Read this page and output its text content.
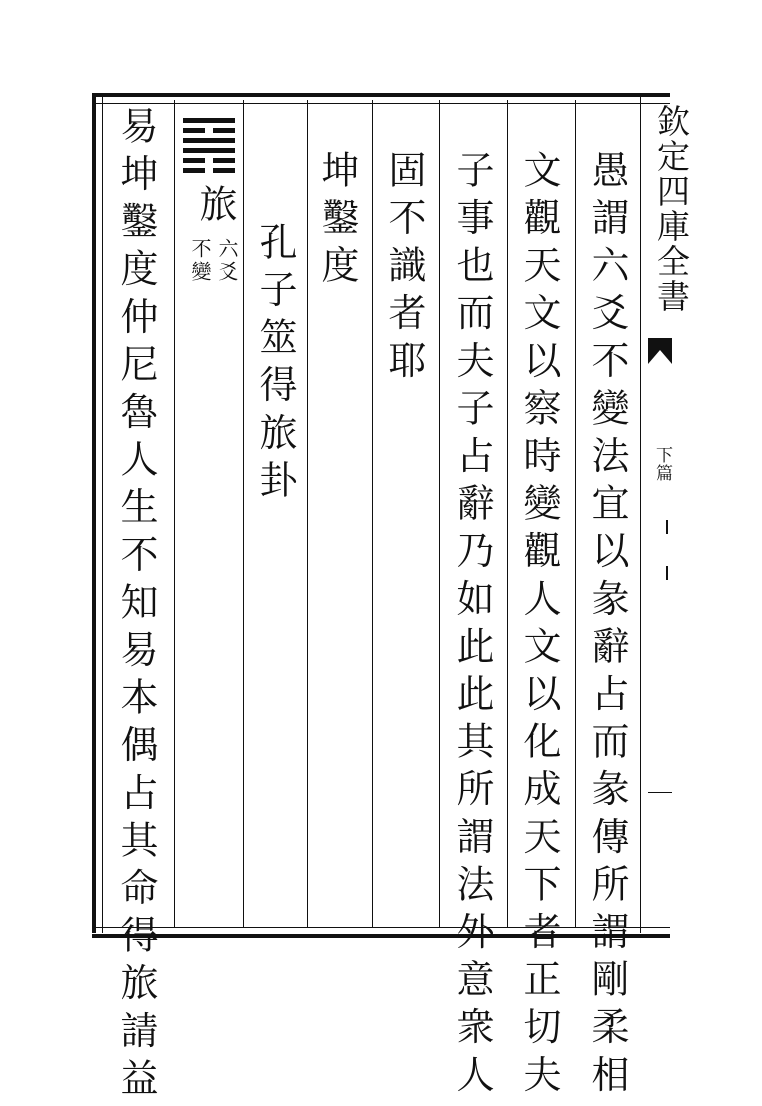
欽定四庫全書
下篇
愚謂六爻不變法宜以彖辭占而彖傳所謂剛柔相
文觀天文以察時變觀人文以化成天下者正切夫
子事也而夫子占辭乃如此此其所謂法外意衆人
固不識者耶
坤鑿度
孔子筮得旅卦
旅
六爻
不變
易坤鑿度仲尼魯人生不知易本偶占其命得旅請益
